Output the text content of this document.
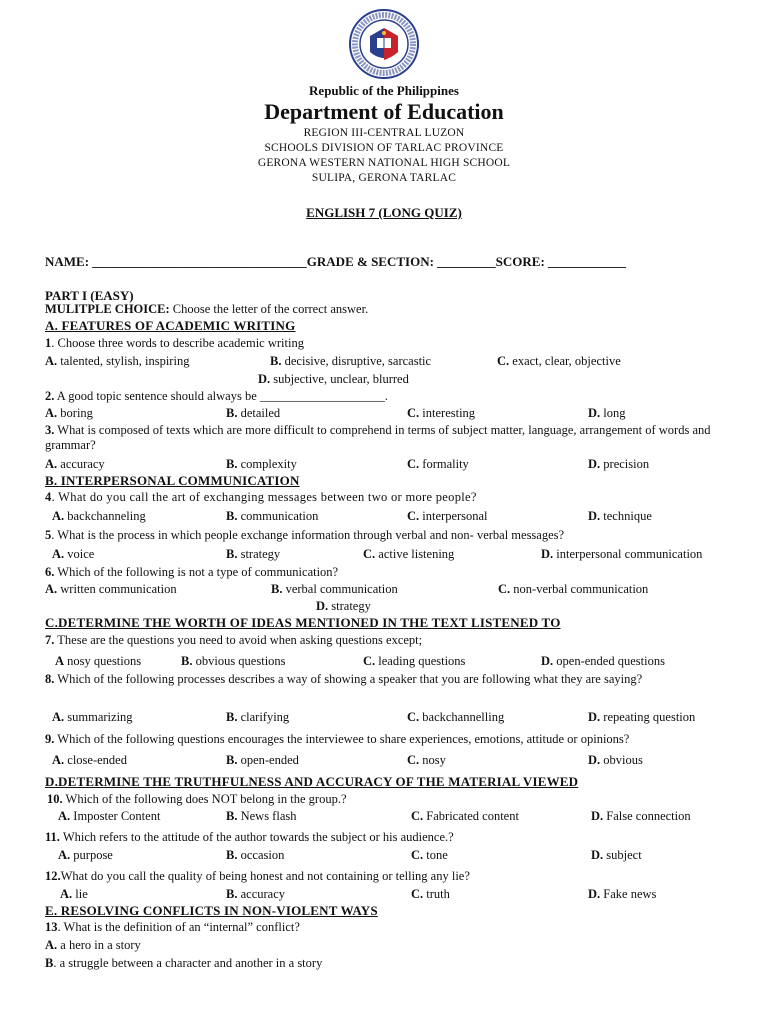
Republic of the Philippines
Department of Education
REGION III-CENTRAL LUZON
SCHOOLS DIVISION OF TARLAC PROVINCE
GERONA WESTERN NATIONAL HIGH SCHOOL
SULIPA, GERONA TARLAC
ENGLISH 7 (LONG QUIZ)
NAME: _________________________________GRADE & SECTION: _________SCORE: ____________
PART I (EASY)
MULITPLE CHOICE: Choose the letter of the correct answer.
A. FEATURES OF ACADEMIC WRITING
1. Choose three words to describe academic writing
A. talented, stylish, inspiring	B. decisive, disruptive, sarcastic	C. exact, clear, objective
D. subjective, unclear, blurred
2. A good topic sentence should always be ____________________.
A. boring	B. detailed	C. interesting	D. long
3. What is composed of texts which are more difficult to comprehend in terms of subject matter, language, arrangement of words and grammar?
A. accuracy	B. complexity	C. formality	D. precision
B. INTERPERSONAL COMMUNICATION
4. What do you call the art of exchanging messages between two or more people?
A. backchanneling	B. communication	C. interpersonal	D. technique
5. What is the process in which people exchange information through verbal and non- verbal messages?
A. voice	B. strategy	C. active listening	D. interpersonal communication
6. Which of the following is not a type of communication?
A. written communication	B. verbal communication	C. non-verbal communication
D. strategy
C.DETERMINE THE WORTH OF IDEAS MENTIONED IN THE TEXT LISTENED TO
7. These are the questions you need to avoid when asking questions except;
A nosy questions	B. obvious questions	C. leading questions	D. open-ended questions
8. Which of the following processes describes a way of showing a speaker that you are following what they are saying?
A. summarizing	B. clarifying	C. backchannelling	D. repeating question
9. Which of the following questions encourages the interviewee to share experiences, emotions, attitude or opinions?
A. close-ended	B. open-ended	C. nosy	D. obvious
D.DETERMINE THE TRUTHFULNESS AND ACCURACY OF THE MATERIAL VIEWED
10. Which of the following does NOT belong in the group.?
A. Imposter Content	B. News flash	C. Fabricated content	D. False connection
11. Which refers to the attitude of the author towards the subject or his audience.?
A. purpose	B. occasion	C. tone	D. subject
12.What do you call the quality of being honest and not containing or telling any lie?
A. lie	B. accuracy	C. truth	D. Fake news
E. RESOLVING CONFLICTS IN NON-VIOLENT WAYS
13. What is the definition of an “internal” conflict?
A. a hero in a story
B. a struggle between a character and another in a story
